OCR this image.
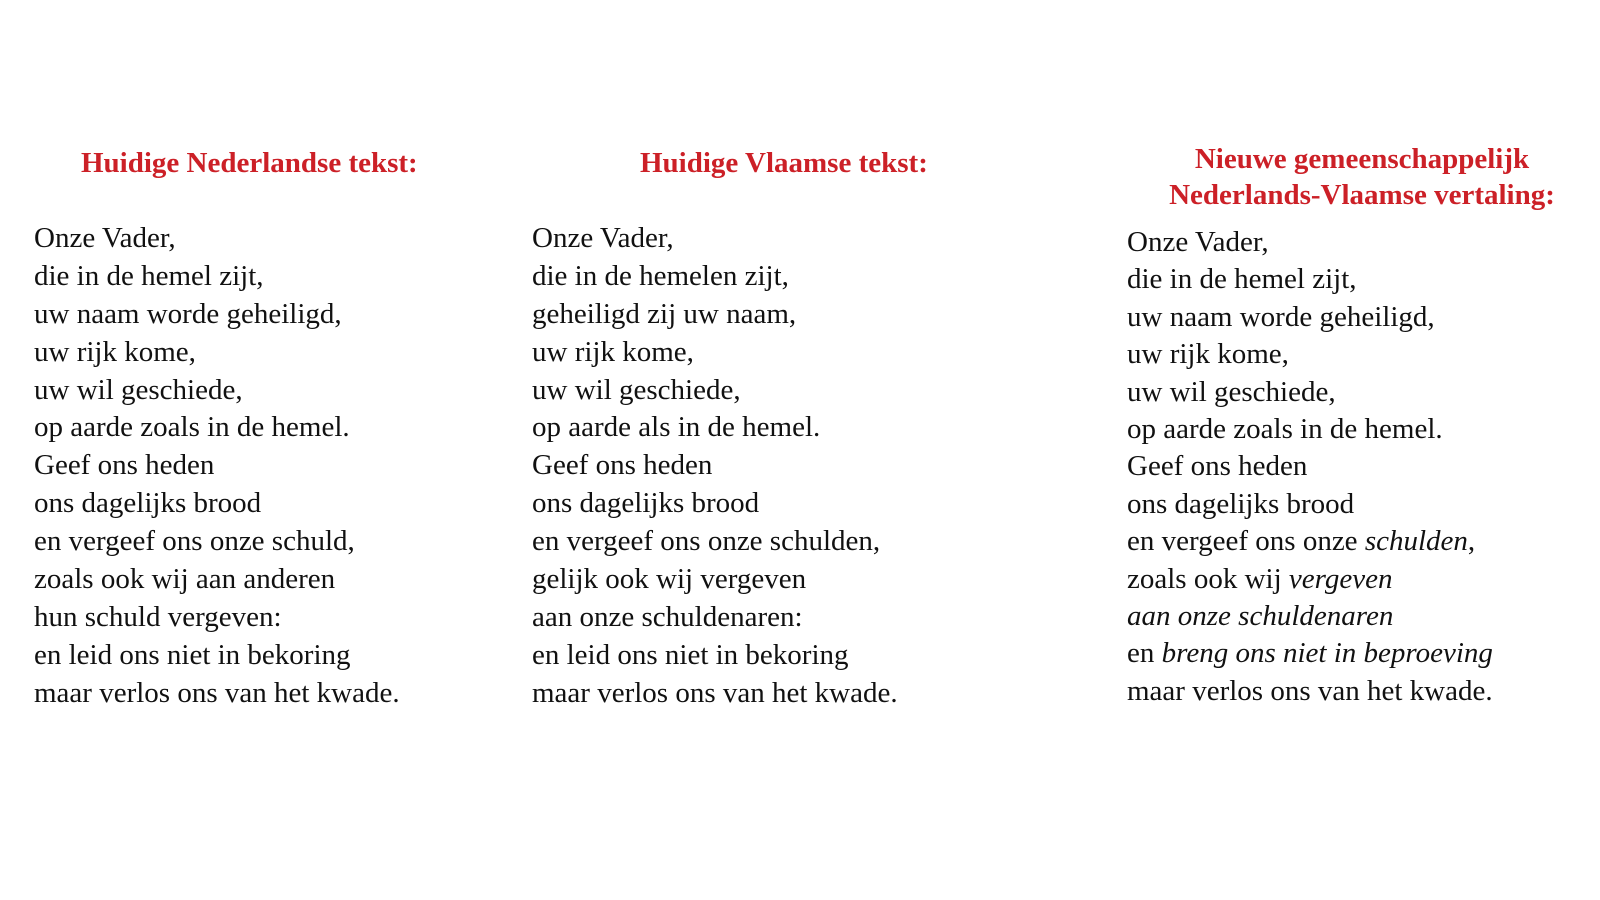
Huidige Nederlandse tekst:
Onze Vader,
die in de hemel zijt,
uw naam worde geheiligd,
uw rijk kome,
uw wil geschiede,
op aarde zoals in de hemel.
Geef ons heden
ons dagelijks brood
en vergeef ons onze schuld,
zoals ook wij aan anderen
hun schuld vergeven:
en leid ons niet in bekoring
maar verlos ons van het kwade.
Huidige Vlaamse tekst:
Onze Vader,
die in de hemelen zijt,
geheiligd zij uw naam,
uw rijk kome,
uw wil geschiede,
op aarde als in de hemel.
Geef ons heden
ons dagelijks brood
en vergeef ons onze schulden,
gelijk ook wij vergeven
aan onze schuldenaren:
en leid ons niet in bekoring
maar verlos ons van het kwade.
Nieuwe gemeenschappelijk
Nederlands-Vlaamse vertaling:
Onze Vader,
die in de hemel zijt,
uw naam worde geheiligd,
uw rijk kome,
uw wil geschiede,
op aarde zoals in de hemel.
Geef ons heden
ons dagelijks brood
en vergeef ons onze schulden,
zoals ook wij vergeven
aan onze schuldenaren
en breng ons niet in beproeving
maar verlos ons van het kwade.
